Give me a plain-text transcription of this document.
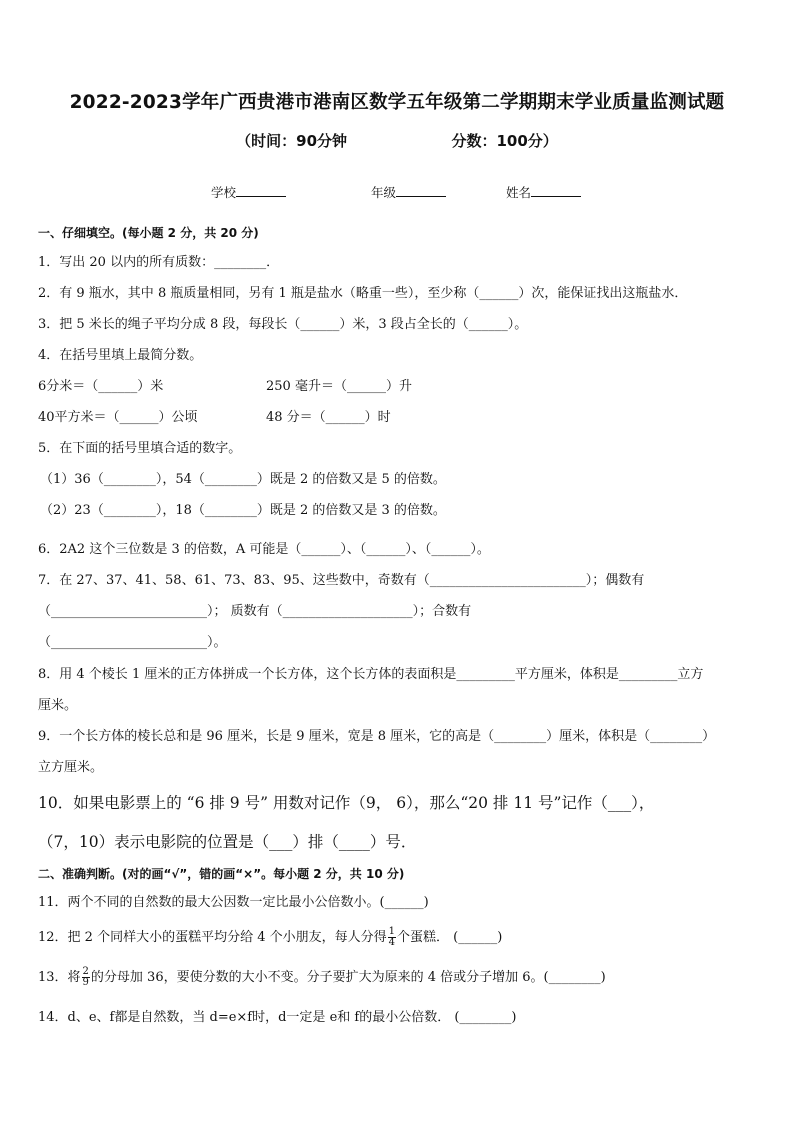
2022-2023学年广西贵港市港南区数学五年级第二学期期末学业质量监测试题
（时间：90分钟                    分数：100分）
学校	年级	姓名
一、仔细填空。(每小题 2 分，共 20 分)
1．写出 20 以内的所有质数：________．
2．有 9 瓶水，其中 8 瓶质量相同，另有 1 瓶是盐水（略重一些），至少称（______）次，能保证找出这瓶盐水．
3．把 5 米长的绳子平均分成 8 段，每段长（______）米，3 段占全长的（______）。
4．在括号里填上最简分数。
6分米＝（______）米	250 毫升＝（______）升
40平方米＝（______）公顷	48 分＝（______）时
5．在下面的括号里填合适的数字。
（1）36（________），54（________）既是 2 的倍数又是 5 的倍数。
（2）23（________），18（________）既是 2 的倍数又是 3 的倍数。
6．2A2 这个三位数是 3 的倍数，A 可能是（______）、（______）、（______）。
7．在 27、37、41、58、61、73、83、95、这些数中，奇数有（________________________）；偶数有
（________________________）； 质数有（____________________）；合数有
（________________________）。
8．用 4 个棱长 1 厘米的正方体拼成一个长方体，这个长方体的表面积是_________平方厘米，体积是_________立方
厘米。
9．一个长方体的棱长总和是 96 厘米，长是 9 厘米，宽是 8 厘米，它的高是（________）厘米，体积是（________）
立方厘米。
10．如果电影票上的 “6 排 9 号” 用数对记作（9， 6），那么“20 排 11 号”记作（___），
（7，10）表示电影院的位置是（___）排（____）号．
二、准确判断。(对的画“√”，错的画“×”。每小题 2 分，共 10 分)
11．两个不同的自然数的最大公因数一定比最小公倍数小。(______)
12．把 2 个同样大小的蛋糕平均分给 4 个小朋友，每人分得 $\frac{1}{4}$ 个蛋糕． (______)
13．将 $\frac{2}{9}$ 的分母加 36，要使分数的大小不变。分子要扩大为原来的 4 倍或分子增加 6。(________)
14．d、e、f都是自然数，当 d=e×f时，d一定是 e和 f的最小公倍数． (________)
